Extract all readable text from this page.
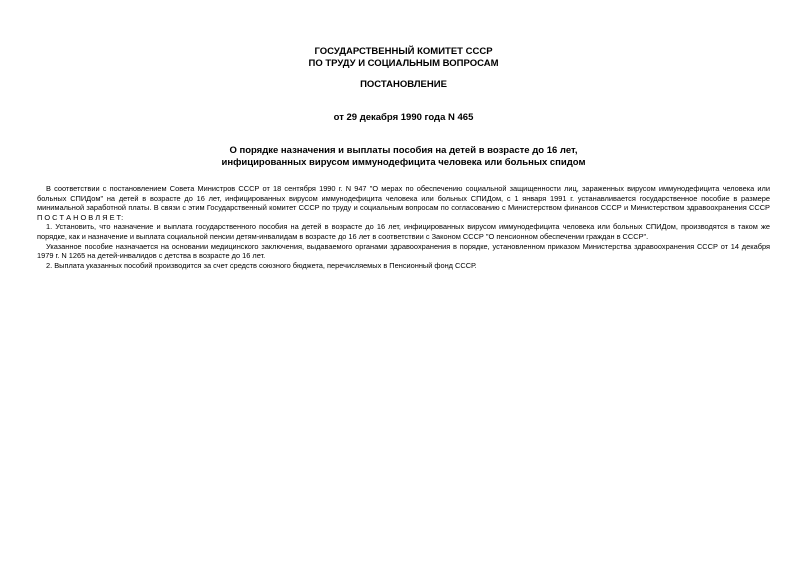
ГОСУДАРСТВЕННЫЙ КОМИТЕТ СССР
ПО ТРУДУ И СОЦИАЛЬНЫМ ВОПРОСАМ
ПОСТАНОВЛЕНИЕ
от 29 декабря 1990 года N 465
О порядке назначения и выплаты пособия на детей в возрасте до 16 лет,
инфицированных вирусом иммунодефицита человека или больных спидом

В соответствии с постановлением Совета Министров СССР от 18 сентября 1990 г. N 947 "О мерах по обеспечению социальной защищенности лиц, зараженных вирусом иммунодефицита человека или больных СПИДом" на детей в возрасте до 16 лет, инфицированных вирусом иммунодефицита человека или больных СПИДом, с 1 января 1991 г. устанавливается государственное пособие в размере минимальной заработной платы. В связи с этим Государственный комитет СССР по труду и социальным вопросам по согласованию с Министерством финансов СССР и Министерством здравоохранения СССР П О С Т А Н О В Л Я Е Т:

1. Установить, что назначение и выплата государственного пособия на детей в возрасте до 16 лет, инфицированных вирусом иммунодефицита человека или больных СПИДом, производятся в таком же порядке, как и назначение и выплата социальной пенсии детям-инвалидам в возрасте до 16 лет в соответствии с Законом СССР "О пенсионном обеспечении граждан в СССР".

Указанное пособие назначается на основании медицинского заключения, выдаваемого органами здравоохранения в порядке, установленном приказом Министерства здравоохранения СССР от 14 декабря 1979 г. N 1265 на детей-инвалидов с детства в возрасте до 16 лет.

2. Выплата указанных пособий производится за счет средств союзного бюджета, перечисляемых в Пенсионный фонд СССР.
